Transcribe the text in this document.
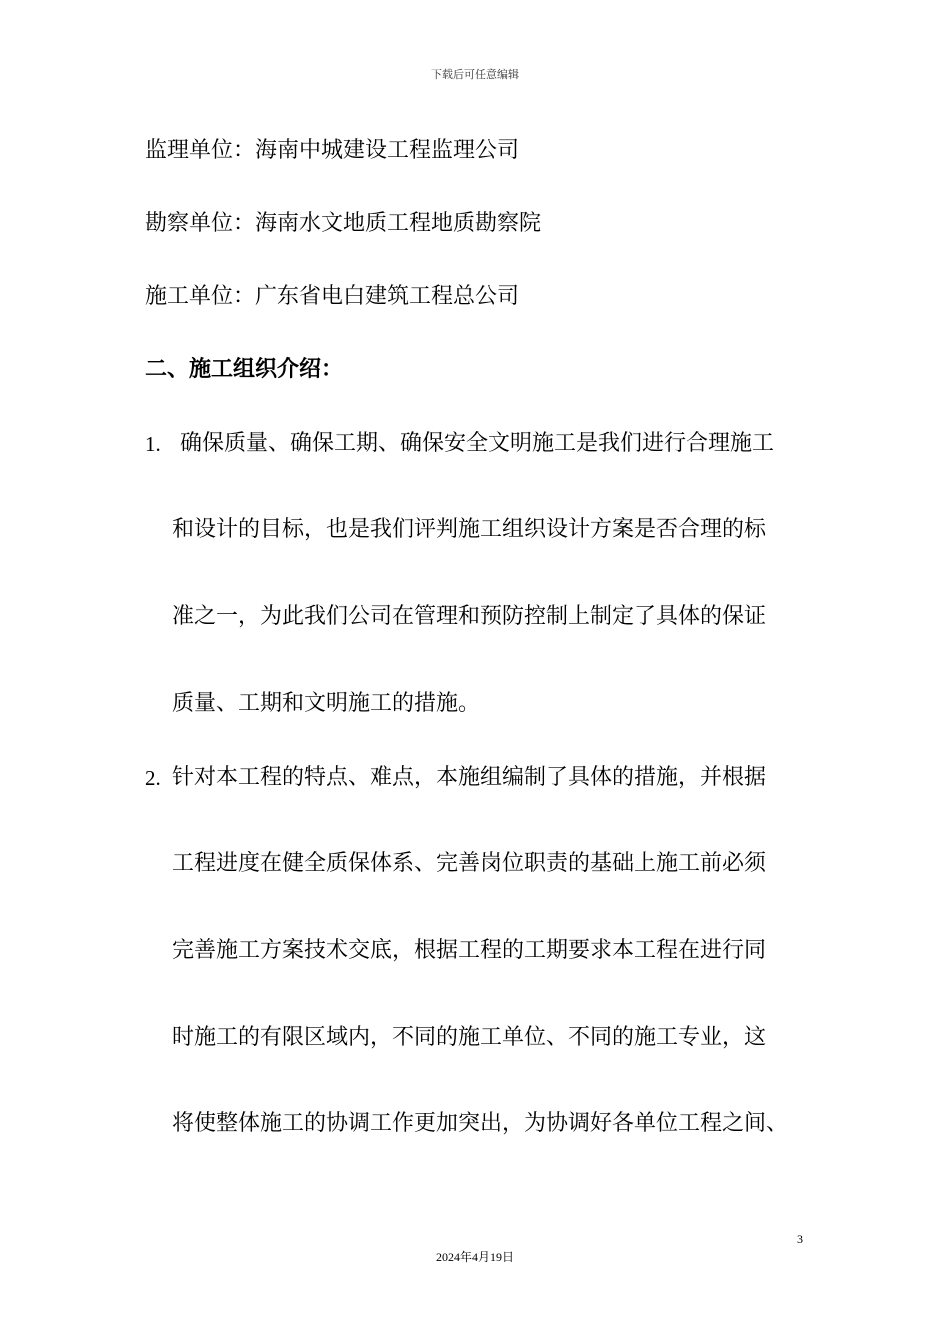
下载后可任意编辑
监理单位：海南中城建设工程监理公司
勘察单位：海南水文地质工程地质勘察院
施工单位：广东省电白建筑工程总公司
二、施工组织介绍：
1. 确保质量、确保工期、确保安全文明施工是我们进行合理施工
和设计的目标，也是我们评判施工组织设计方案是否合理的标
准之一，为此我们公司在管理和预防控制上制定了具体的保证
质量、工期和文明施工的措施。
2. 针对本工程的特点、难点，本施组编制了具体的措施，并根据
工程进度在健全质保体系、完善岗位职责的基础上施工前必须
完善施工方案技术交底，根据工程的工期要求本工程在进行同
时施工的有限区域内，不同的施工单位、不同的施工专业，这
将使整体施工的协调工作更加突出，为协调好各单位工程之间、
3
2024年4月19日
